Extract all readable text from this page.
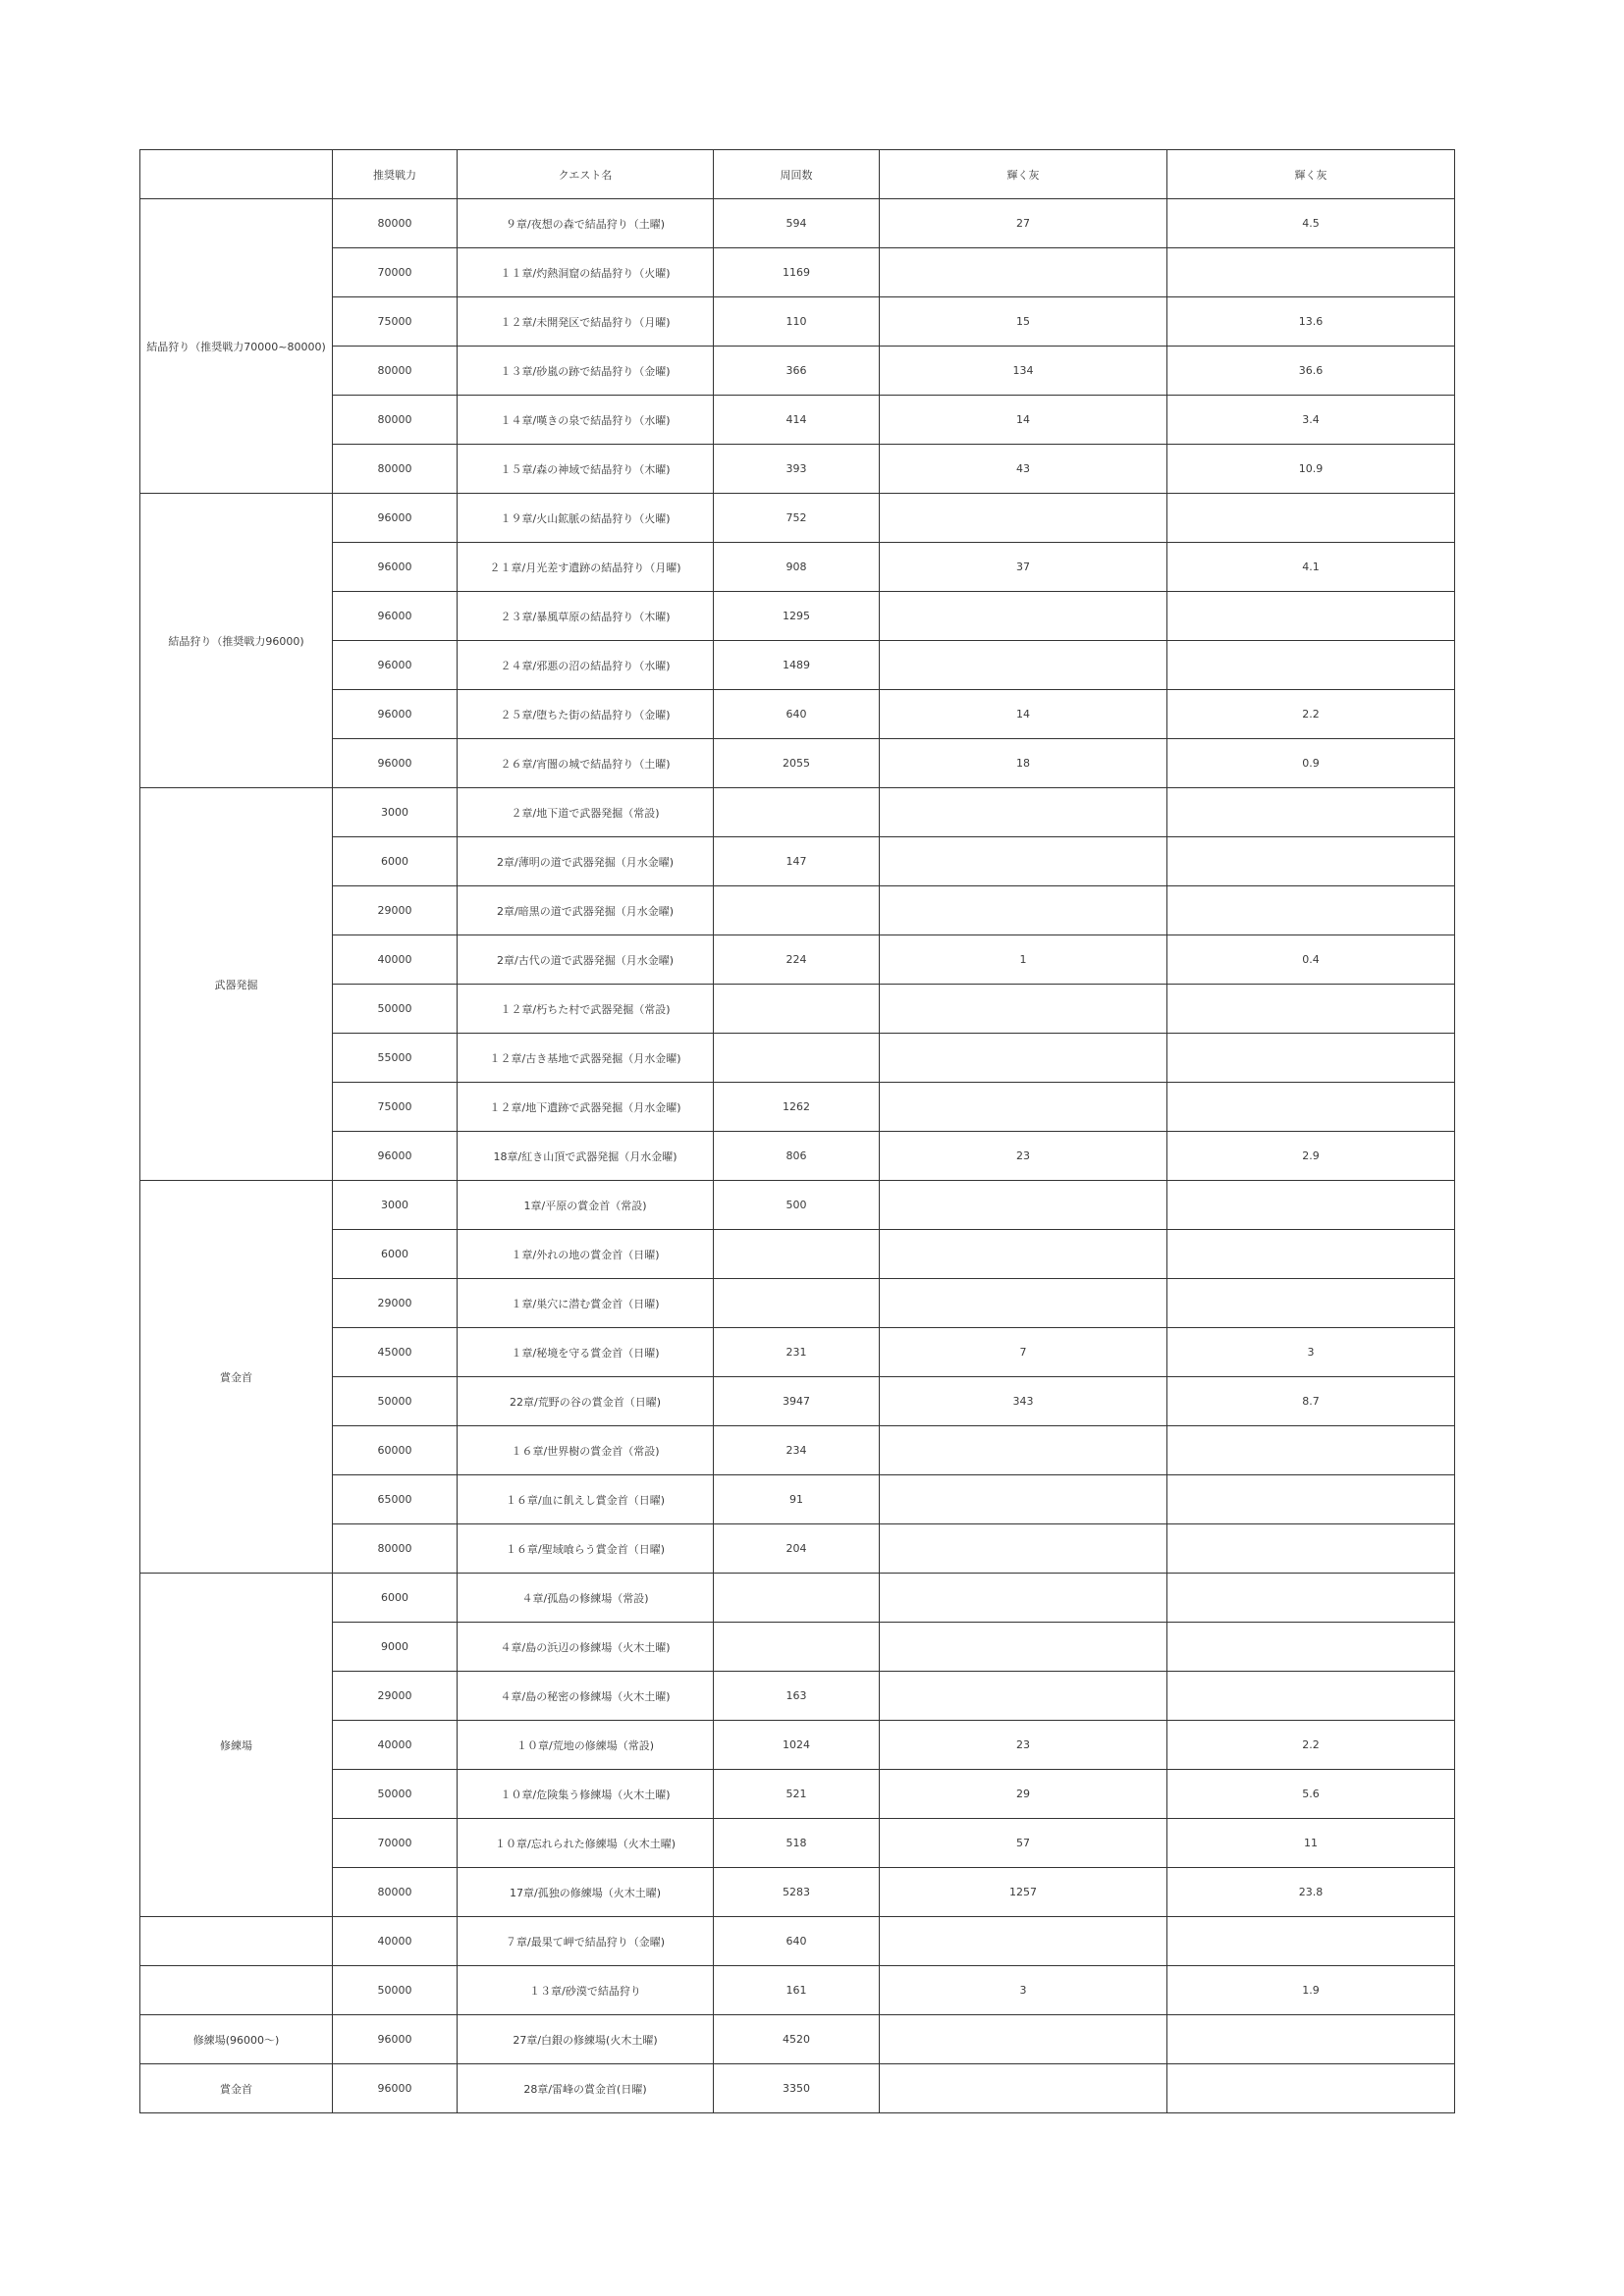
	推奨戦力	クエスト名	周回数	輝く灰	輝く灰
結晶狩り（推奨戦力70000~80000)	80000	９章/夜想の森で結晶狩り（土曜)	594	27	4.5
	70000	１１章/灼熱洞窟の結晶狩り（火曜)	1169		
	75000	１２章/未開発区で結晶狩り（月曜)	110	15	13.6
	80000	１３章/砂嵐の跡で結晶狩り（金曜)	366	134	36.6
	80000	１４章/嘆きの泉で結晶狩り（水曜)	414	14	3.4
	80000	１５章/森の神域で結晶狩り（木曜)	393	43	10.9
結晶狩り（推奨戦力96000)	96000	１９章/火山鉱脈の結晶狩り（火曜)	752		
	96000	２１章/月光差す遺跡の結晶狩り（月曜)	908	37	4.1
	96000	２３章/暴風草原の結晶狩り（木曜)	1295		
	96000	２４章/邪悪の沼の結晶狩り（水曜)	1489		
	96000	２５章/堕ちた街の結晶狩り（金曜)	640	14	2.2
	96000	２６章/宵闇の城で結晶狩り（土曜)	2055	18	0.9
武器発掘	3000	２章/地下道で武器発掘（常設)			
	6000	2章/薄明の道で武器発掘（月水金曜)	147		
	29000	2章/暗黒の道で武器発掘（月水金曜)			
	40000	2章/古代の道で武器発掘（月水金曜)	224	1	0.4
	50000	１２章/朽ちた村で武器発掘（常設)			
	55000	１２章/古き基地で武器発掘（月水金曜)			
	75000	１２章/地下遺跡で武器発掘（月水金曜)	1262		
	96000	18章/紅き山頂で武器発掘（月水金曜)	806	23	2.9
賞金首	3000	1章/平原の賞金首（常設)	500		
	6000	１章/外れの地の賞金首（日曜)			
	29000	１章/巣穴に潜む賞金首（日曜)			
	45000	１章/秘境を守る賞金首（日曜)	231	7	3
	50000	22章/荒野の谷の賞金首（日曜)	3947	343	8.7
	60000	１６章/世界樹の賞金首（常設)	234		
	65000	１６章/血に飢えし賞金首（日曜)	91		
	80000	１６章/聖域喰らう賞金首（日曜)	204		
修練場	6000	４章/孤島の修練場（常設)			
	9000	４章/島の浜辺の修練場（火木土曜)			
	29000	４章/島の秘密の修練場（火木土曜)	163		
	40000	１０章/荒地の修練場（常設)	1024	23	2.2
	50000	１０章/危険集う修練場（火木土曜)	521	29	5.6
	70000	１０章/忘れられた修練場（火木土曜)	518	57	11
	80000	17章/孤独の修練場（火木土曜)	5283	1257	23.8
	40000	７章/最果て岬で結晶狩り（金曜)	640		
	50000	１３章/砂漠で結晶狩り	161	3	1.9
修練場(96000～)	96000	27章/白銀の修練場(火木土曜)	4520		
賞金首	96000	28章/雷峰の賞金首(日曜)	3350		
